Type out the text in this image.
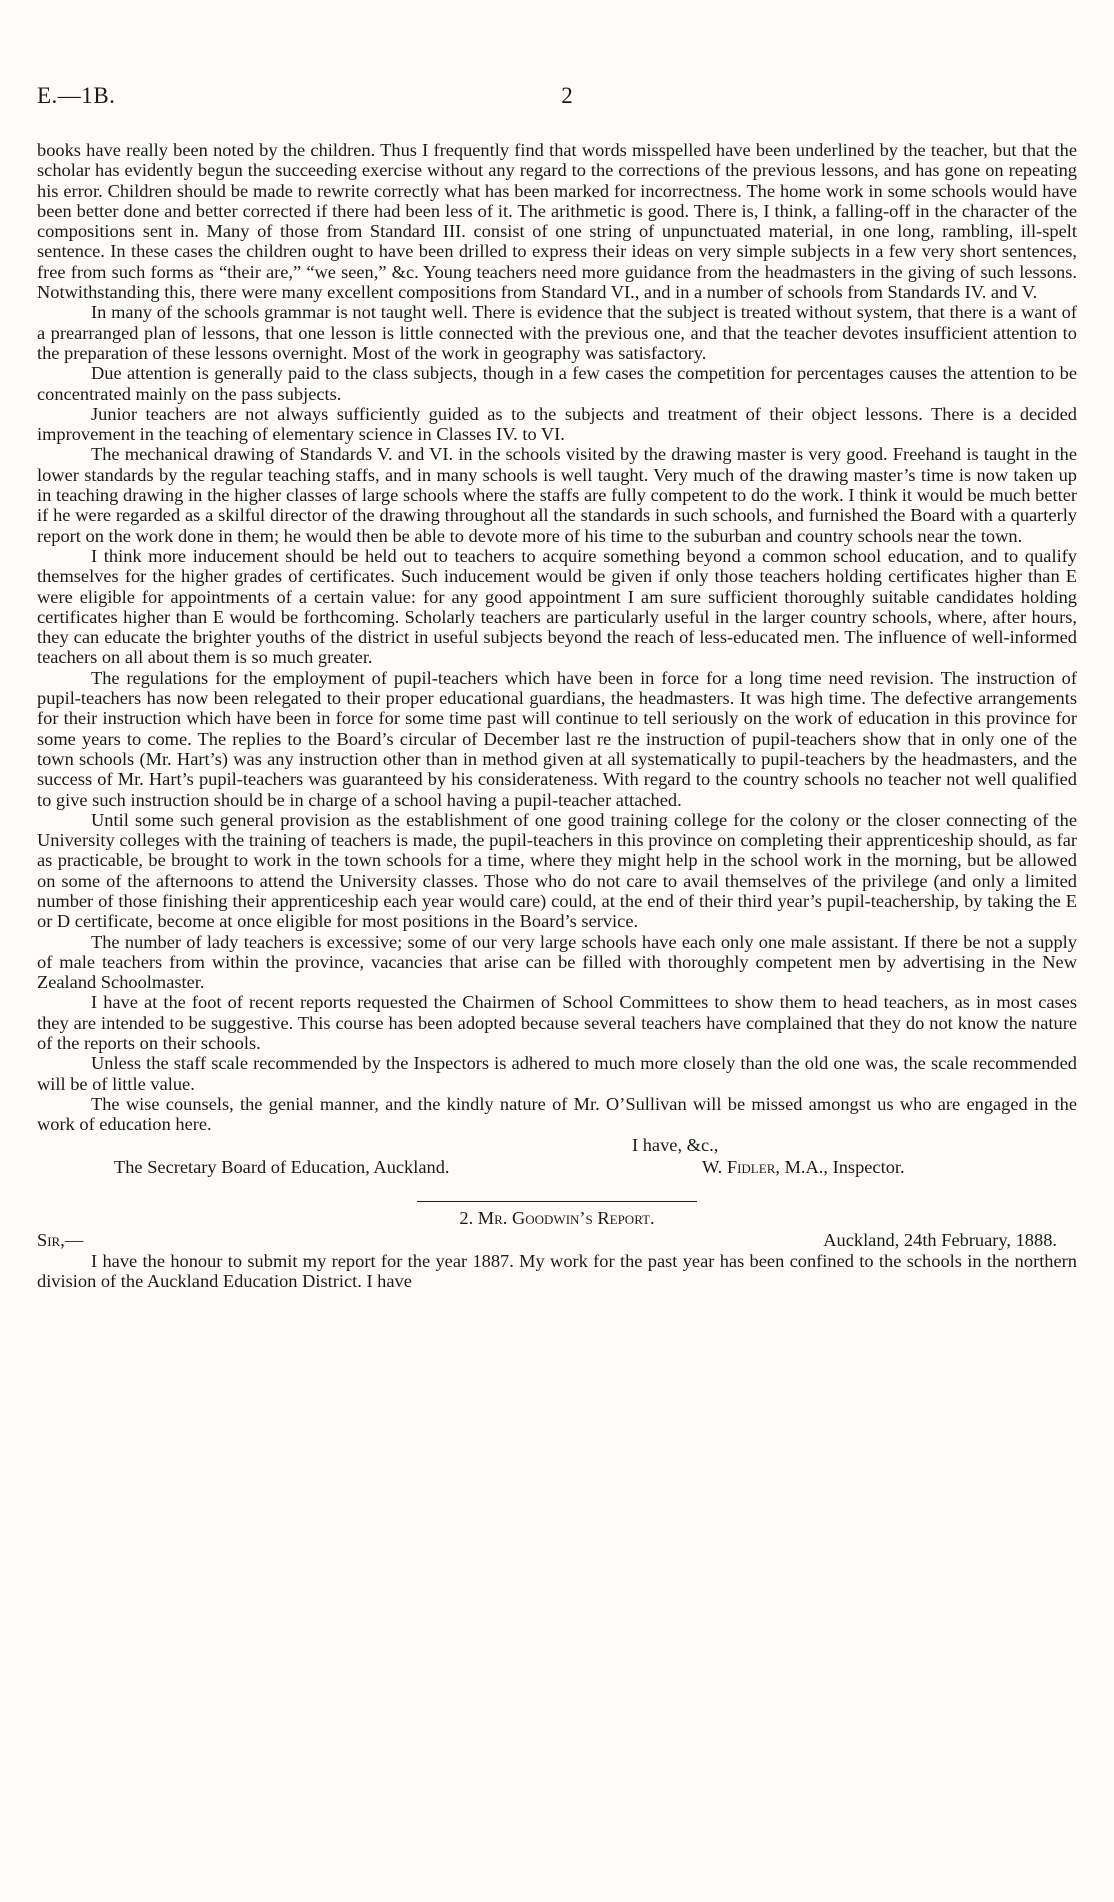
E.—1B.	2

books have really been noted by the children. Thus I frequently find that words misspelled have been underlined by the teacher, but that the scholar has evidently begun the succeeding exercise without any regard to the corrections of the previous lessons, and has gone on repeating his error. Children should be made to rewrite correctly what has been marked for incorrectness. The home work in some schools would have been better done and better corrected if there had been less of it. The arithmetic is good. There is, I think, a falling-off in the character of the compositions sent in. Many of those from Standard III. consist of one string of unpunctuated material, in one long, rambling, ill-spelt sentence. In these cases the children ought to have been drilled to express their ideas on very simple subjects in a few very short sentences, free from such forms as “their are,” “we seen,” &c. Young teachers need more guidance from the headmasters in the giving of such lessons. Notwithstanding this, there were many excellent compositions from Standard VI., and in a number of schools from Standards IV. and V.

In many of the schools grammar is not taught well. There is evidence that the subject is treated without system, that there is a want of a prearranged plan of lessons, that one lesson is little connected with the previous one, and that the teacher devotes insufficient attention to the preparation of these lessons overnight. Most of the work in geography was satisfactory.

Due attention is generally paid to the class subjects, though in a few cases the competition for percentages causes the attention to be concentrated mainly on the pass subjects.

Junior teachers are not always sufficiently guided as to the subjects and treatment of their object lessons. There is a decided improvement in the teaching of elementary science in Classes IV. to VI.

The mechanical drawing of Standards V. and VI. in the schools visited by the drawing master is very good. Freehand is taught in the lower standards by the regular teaching staffs, and in many schools is well taught. Very much of the drawing master’s time is now taken up in teaching drawing in the higher classes of large schools where the staffs are fully competent to do the work. I think it would be much better if he were regarded as a skilful director of the drawing throughout all the standards in such schools, and furnished the Board with a quarterly report on the work done in them; he would then be able to devote more of his time to the suburban and country schools near the town.

I think more inducement should be held out to teachers to acquire something beyond a common school education, and to qualify themselves for the higher grades of certificates. Such inducement would be given if only those teachers holding certificates higher than E were eligible for appointments of a certain value: for any good appointment I am sure sufficient thoroughly suitable candidates holding certificates higher than E would be forthcoming. Scholarly teachers are particularly useful in the larger country schools, where, after hours, they can educate the brighter youths of the district in useful subjects beyond the reach of less-educated men. The influence of well-informed teachers on all about them is so much greater.

The regulations for the employment of pupil-teachers which have been in force for a long time need revision. The instruction of pupil-teachers has now been relegated to their proper educational guardians, the headmasters. It was high time. The defective arrangements for their instruction which have been in force for some time past will continue to tell seriously on the work of education in this province for some years to come. The replies to the Board’s circular of December last re the instruction of pupil-teachers show that in only one of the town schools (Mr. Hart’s) was any instruction other than in method given at all systematically to pupil-teachers by the headmasters, and the success of Mr. Hart’s pupil-teachers was guaranteed by his considerateness. With regard to the country schools no teacher not well qualified to give such instruction should be in charge of a school having a pupil-teacher attached.

Until some such general provision as the establishment of one good training college for the colony or the closer connecting of the University colleges with the training of teachers is made, the pupil-teachers in this province on completing their apprenticeship should, as far as practicable, be brought to work in the town schools for a time, where they might help in the school work in the morning, but be allowed on some of the afternoons to attend the University classes. Those who do not care to avail themselves of the privilege (and only a limited number of those finishing their apprenticeship each year would care) could, at the end of their third year’s pupil-teachership, by taking the E or D certificate, become at once eligible for most positions in the Board’s service.

The number of lady teachers is excessive; some of our very large schools have each only one male assistant. If there be not a supply of male teachers from within the province, vacancies that arise can be filled with thoroughly competent men by advertising in the New Zealand Schoolmaster.

I have at the foot of recent reports requested the Chairmen of School Committees to show them to head teachers, as in most cases they are intended to be suggestive. This course has been adopted because several teachers have complained that they do not know the nature of the reports on their schools.

Unless the staff scale recommended by the Inspectors is adhered to much more closely than the old one was, the scale recommended will be of little value.

The wise counsels, the genial manner, and the kindly nature of Mr. O’Sullivan will be missed amongst us who are engaged in the work of education here.

I have, &c.,
The Secretary Board of Education, Auckland.	W. Fidler, M.A., Inspector.
2. Mr. Goodwin’s Report.
Sir,—	Auckland, 24th February, 1888.

I have the honour to submit my report for the year 1887. My work for the past year has been confined to the schools in the northern division of the Auckland Education District. I have
